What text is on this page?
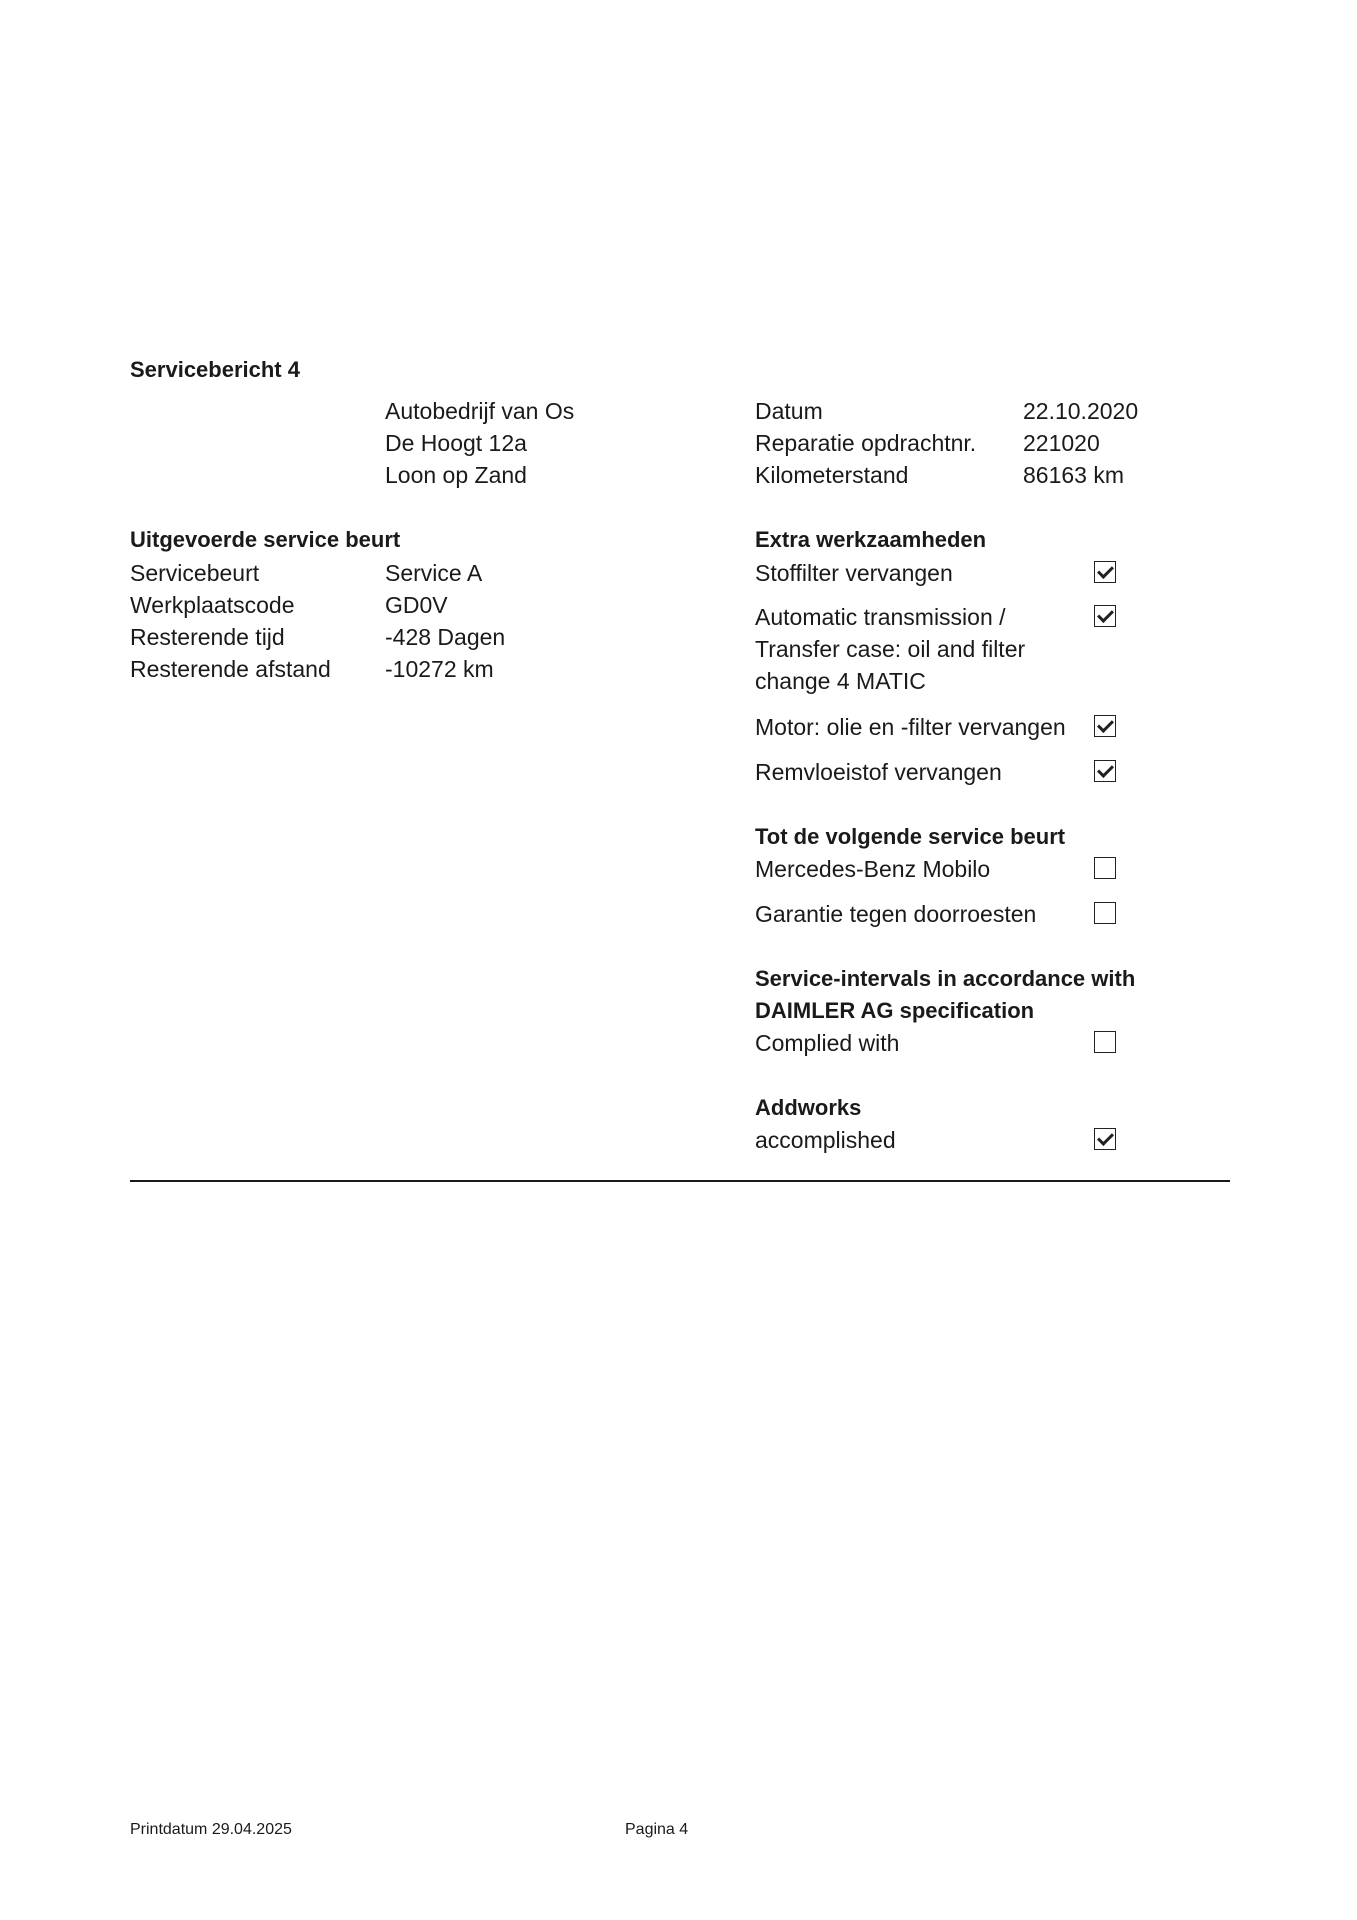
Servicebericht 4
Autobedrijf van Os
De Hoogt 12a
Loon op Zand
Datum	22.10.2020
Reparatie opdrachtnr. 221020
Kilometerstand	86163 km
Uitgevoerde service beurt
Servicebeurt	Service A
Werkplaatscode	GD0V
Resterende tijd	-428 Dagen
Resterende afstand -10272 km
Extra werkzaamheden
Stoffilter vervangen
Automatic transmission /
Transfer case: oil and filter
change 4 MATIC
Motor: olie en -filter vervangen
Remvloeistof vervangen
Tot de volgende service beurt
Mercedes-Benz Mobilo
Garantie tegen doorroesten
Service-intervals in accordance with
DAIMLER AG specification
Complied with
Addworks
accomplished
Printdatum 29.04.2025	Pagina 4
